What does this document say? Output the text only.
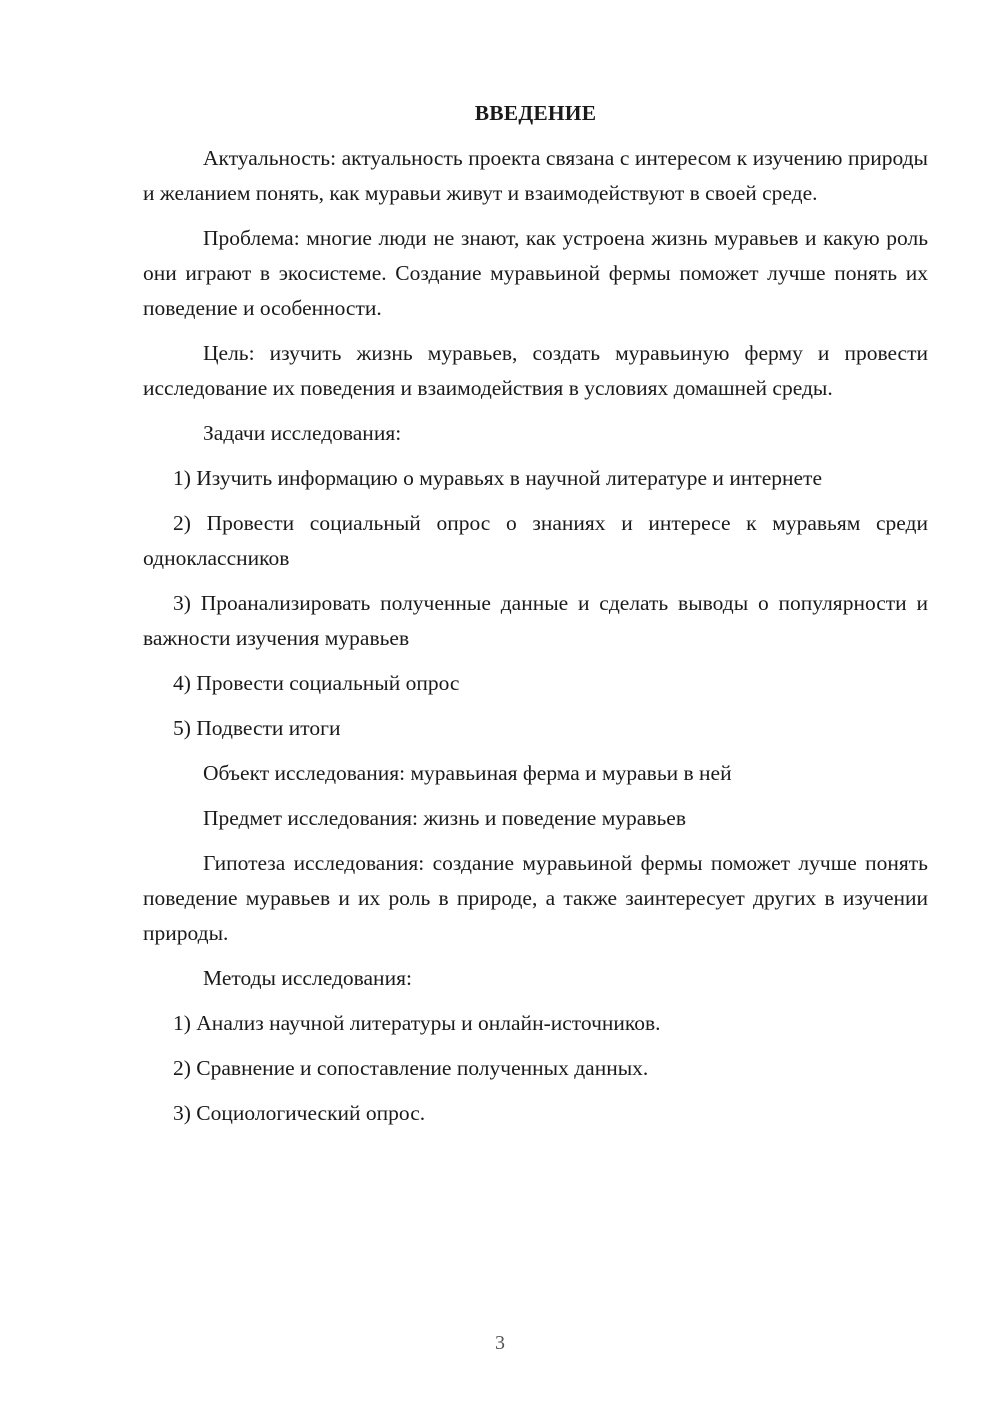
ВВЕДЕНИЕ

Актуальность: актуальность проекта связана с интересом к изучению природы и желанием понять, как муравьи живут и взаимодействуют в своей среде.

Проблема: многие люди не знают, как устроена жизнь муравьев и какую роль они играют в экосистеме. Создание муравьиной фермы поможет лучше понять их поведение и особенности.

Цель: изучить жизнь муравьев, создать муравьиную ферму и провести исследование их поведения и взаимодействия в условиях домашней среды.

Задачи исследования:

1) Изучить информацию о муравьях в научной литературе и интернете

2) Провести социальный опрос о знаниях и интересе к муравьям среди одноклассников

3) Проанализировать полученные данные и сделать выводы о популярности и важности изучения муравьев

4) Провести социальный опрос

5) Подвести итоги

Объект исследования: муравьиная ферма и муравьи в ней

Предмет исследования: жизнь и поведение муравьев

Гипотеза исследования: создание муравьиной фермы поможет лучше понять поведение муравьев и их роль в природе, а также заинтересует других в изучении природы.

Методы исследования:

1) Анализ научной литературы и онлайн-источников.

2) Сравнение и сопоставление полученных данных.

3) Социологический опрос.

3
